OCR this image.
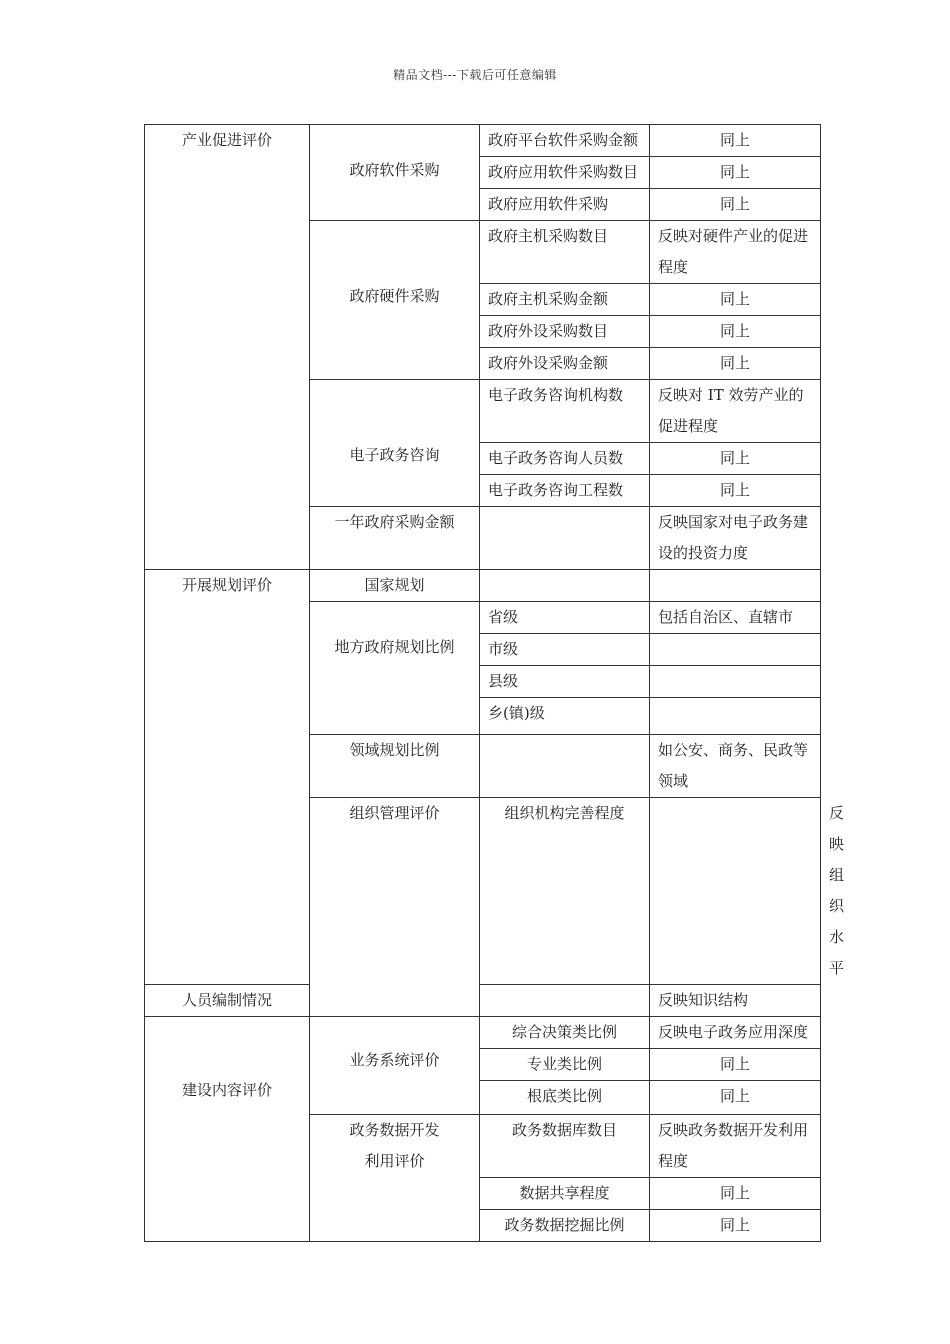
精品文档---下载后可任意编辑
产业促进评价	政府软件采购	政府平台软件采购金额	同上	
		政府应用软件采购数目	同上	
		政府应用软件采购	同上	
	政府硬件采购	政府主机采购数目	反映对硬件产业的促进程度	
		政府主机采购金额	同上	
		政府外设采购数目	同上	
		政府外设采购金额	同上	
	电子政务咨询	电子政务咨询机构数	反映对 IT 效劳产业的促进程度	
		电子政务咨询人员数	同上	
		电子政务咨询工程数	同上	
	一年政府采购金额		反映国家对电子政务建设的投资力度	
开展规划评价	国家规划			
	地方政府规划比例	省级	包括自治区、直辖市	
		市级		
		县级		
		乡(镇)级		
	领域规划比例		如公安、商务、民政等领域	
	组织管理评价	组织机构完善程度		反映组织水平
人员编制情况			反映知识结构	
建设内容评价	业务系统评价	综合决策类比例	反映电子政务应用深度	
		专业类比例	同上	
		根底类比例	同上	
	政务数据开发利用评价	政务数据库数目	反映政务数据开发利用程度	
		数据共享程度	同上	
		政务数据挖掘比例	同上	
